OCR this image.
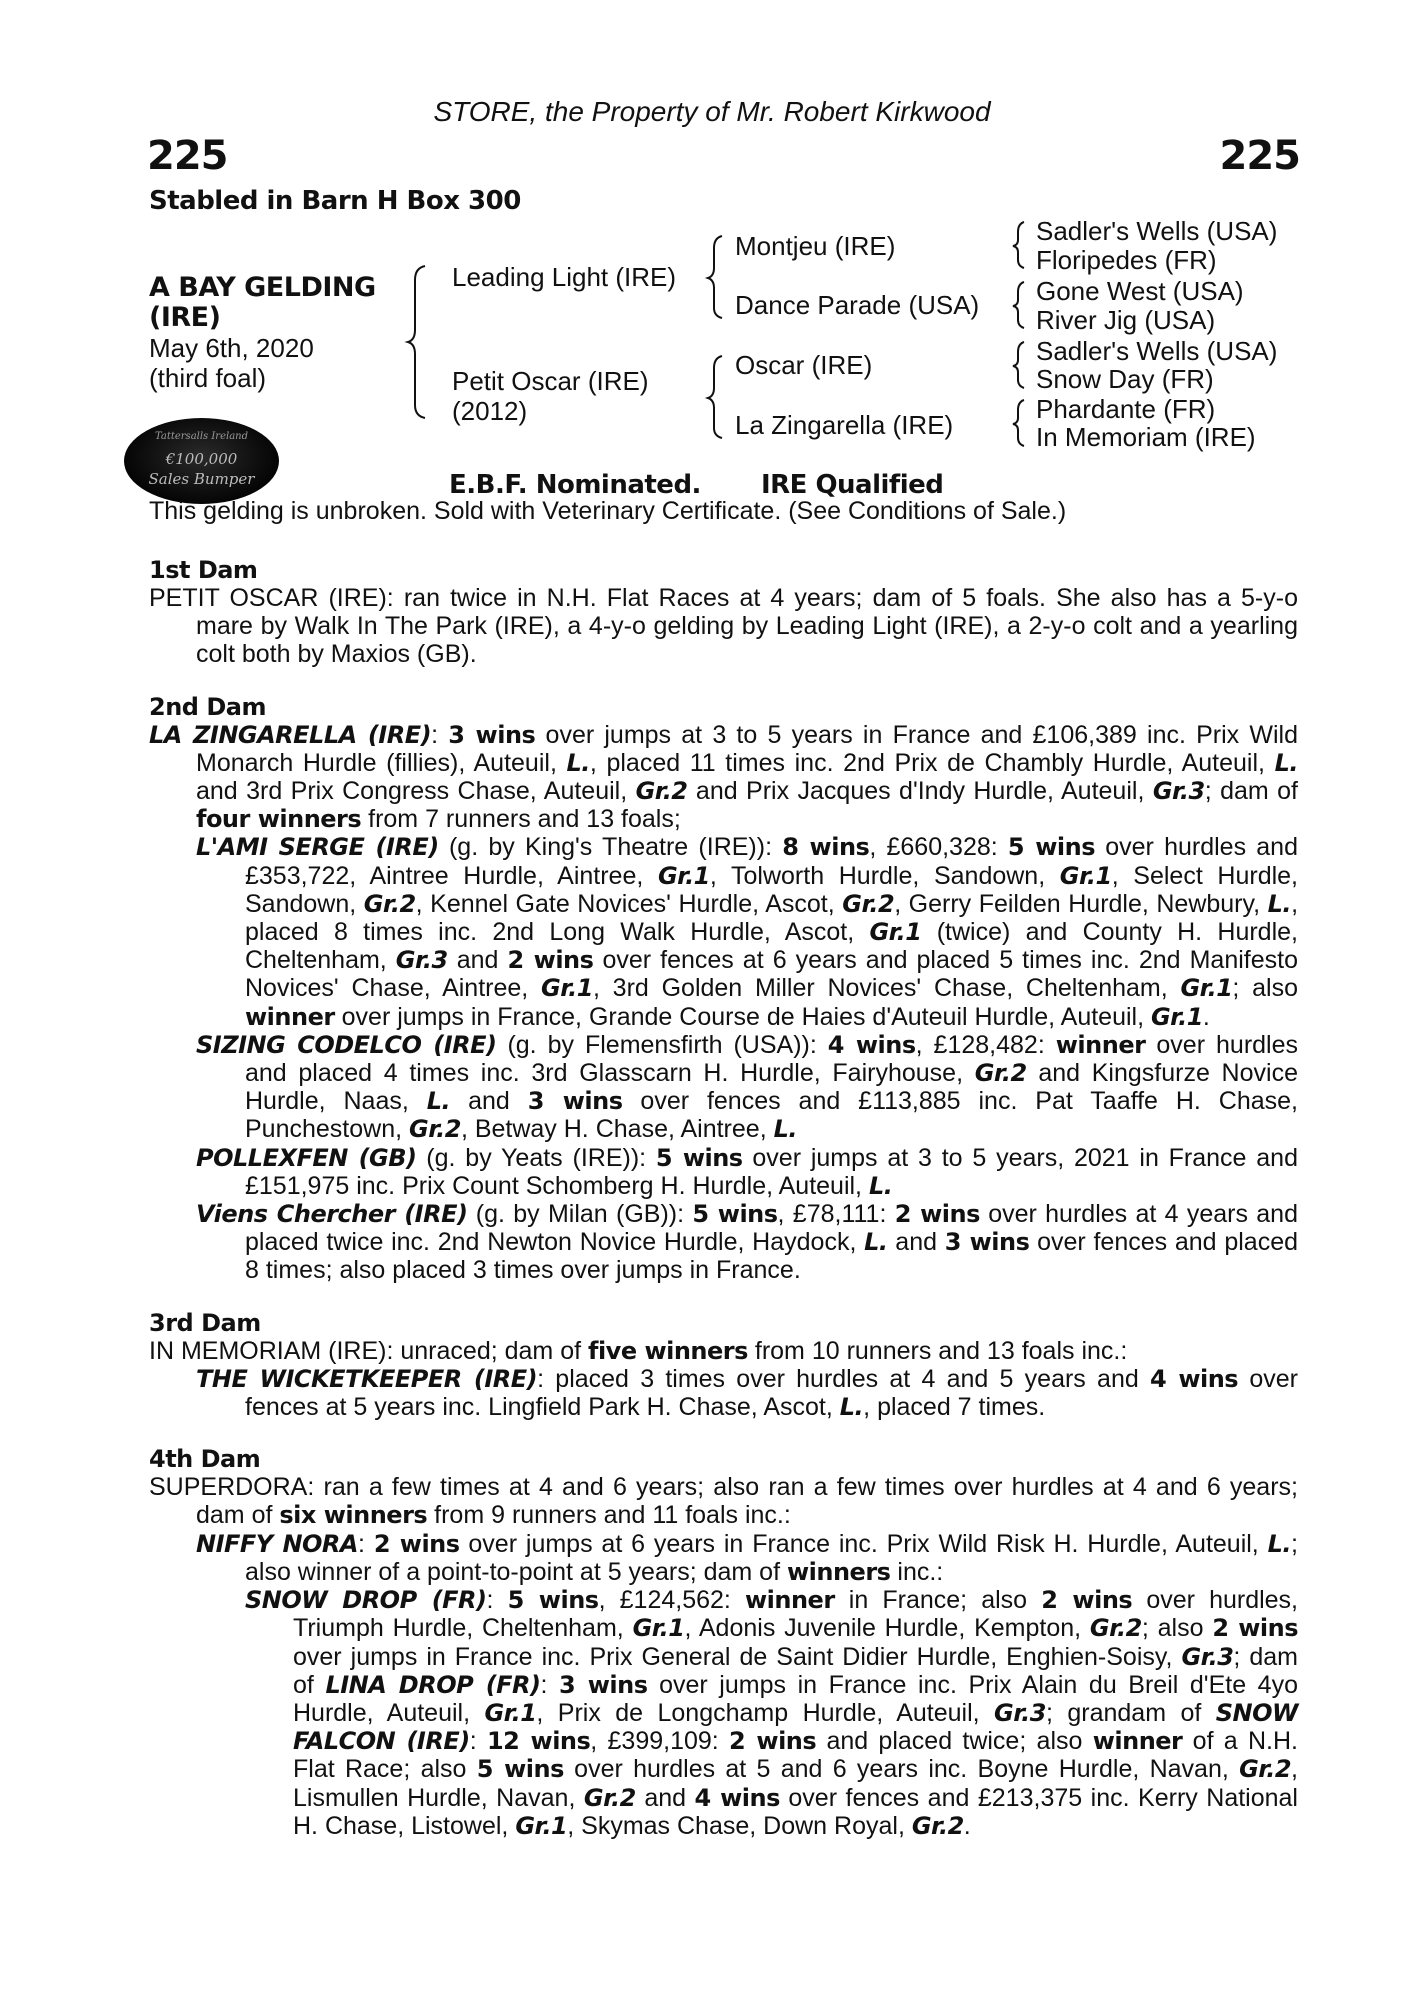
STORE, the Property of Mr. Robert Kirkwood
225	225
Stabled in Barn H Box 300
A BAY GELDING
(IRE)
May 6th, 2020
(third foal)
Leading Light (IRE)
Petit Oscar (IRE)
(2012)
Montjeu (IRE)
Dance Parade (USA)
Oscar (IRE)
La Zingarella (IRE)
Sadler's Wells (USA)
Floripedes (FR)
Gone West (USA)
River Jig (USA)
Sadler's Wells (USA)
Snow Day (FR)
Phardante (FR)
In Memoriam (IRE)
Tattersalls Ireland
€100,000
Sales Bumper	E.B.F. Nominated. IRE Qualified
This gelding is unbroken. Sold with Veterinary Certificate. (See Conditions of Sale.)
1st Dam
PETIT OSCAR (IRE): ran twice in N.H. Flat Races at 4 years; dam of 5 foals. She also has a 5-y-o mare by Walk In The Park (IRE), a 4-y-o gelding by Leading Light (IRE), a 2-y-o colt and a yearling colt both by Maxios (GB).
2nd Dam
LA ZINGARELLA (IRE): 3 wins over jumps at 3 to 5 years in France and £106,389 inc. Prix Wild Monarch Hurdle (fillies), Auteuil, L., placed 11 times inc. 2nd Prix de Chambly Hurdle, Auteuil, L. and 3rd Prix Congress Chase, Auteuil, Gr.2 and Prix Jacques d'Indy Hurdle, Auteuil, Gr.3; dam of four winners from 7 runners and 13 foals;
L'AMI SERGE (IRE) (g. by King's Theatre (IRE)): 8 wins, £660,328: 5 wins over hurdles and £353,722, Aintree Hurdle, Aintree, Gr.1, Tolworth Hurdle, Sandown, Gr.1, Select Hurdle, Sandown, Gr.2, Kennel Gate Novices' Hurdle, Ascot, Gr.2, Gerry Feilden Hurdle, Newbury, L., placed 8 times inc. 2nd Long Walk Hurdle, Ascot, Gr.1 (twice) and County H. Hurdle, Cheltenham, Gr.3 and 2 wins over fences at 6 years and placed 5 times inc. 2nd Manifesto Novices' Chase, Aintree, Gr.1, 3rd Golden Miller Novices' Chase, Cheltenham, Gr.1; also winner over jumps in France, Grande Course de Haies d'Auteuil Hurdle, Auteuil, Gr.1.
SIZING CODELCO (IRE) (g. by Flemensfirth (USA)): 4 wins, £128,482: winner over hurdles and placed 4 times inc. 3rd Glasscarn H. Hurdle, Fairyhouse, Gr.2 and Kingsfurze Novice Hurdle, Naas, L. and 3 wins over fences and £113,885 inc. Pat Taaffe H. Chase, Punchestown, Gr.2, Betway H. Chase, Aintree, L.
POLLEXFEN (GB) (g. by Yeats (IRE)): 5 wins over jumps at 3 to 5 years, 2021 in France and £151,975 inc. Prix Count Schomberg H. Hurdle, Auteuil, L.
Viens Chercher (IRE) (g. by Milan (GB)): 5 wins, £78,111: 2 wins over hurdles at 4 years and placed twice inc. 2nd Newton Novice Hurdle, Haydock, L. and 3 wins over fences and placed 8 times; also placed 3 times over jumps in France.
3rd Dam
IN MEMORIAM (IRE): unraced; dam of five winners from 10 runners and 13 foals inc.:
THE WICKETKEEPER (IRE): placed 3 times over hurdles at 4 and 5 years and 4 wins over fences at 5 years inc. Lingfield Park H. Chase, Ascot, L., placed 7 times.
4th Dam
SUPERDORA: ran a few times at 4 and 6 years; also ran a few times over hurdles at 4 and 6 years; dam of six winners from 9 runners and 11 foals inc.:
NIFFY NORA: 2 wins over jumps at 6 years in France inc. Prix Wild Risk H. Hurdle, Auteuil, L.; also winner of a point-to-point at 5 years; dam of winners inc.:
SNOW DROP (FR): 5 wins, £124,562: winner in France; also 2 wins over hurdles, Triumph Hurdle, Cheltenham, Gr.1, Adonis Juvenile Hurdle, Kempton, Gr.2; also 2 wins over jumps in France inc. Prix General de Saint Didier Hurdle, Enghien-Soisy, Gr.3; dam of LINA DROP (FR): 3 wins over jumps in France inc. Prix Alain du Breil d'Ete 4yo Hurdle, Auteuil, Gr.1, Prix de Longchamp Hurdle, Auteuil, Gr.3; grandam of SNOW FALCON (IRE): 12 wins, £399,109: 2 wins and placed twice; also winner of a N.H. Flat Race; also 5 wins over hurdles at 5 and 6 years inc. Boyne Hurdle, Navan, Gr.2, Lismullen Hurdle, Navan, Gr.2 and 4 wins over fences and £213,375 inc. Kerry National H. Chase, Listowel, Gr.1, Skymas Chase, Down Royal, Gr.2.
